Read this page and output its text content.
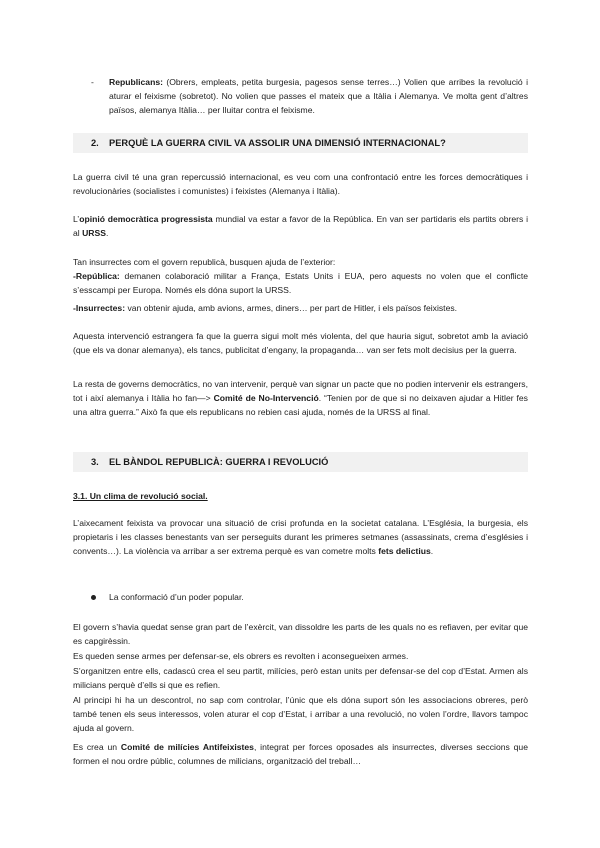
- Republicans: (Obrers, empleats, petita burgesia, pagesos sense terres…) Volien que arribes la revolució i aturar el feixisme (sobretot). No volien que passes el mateix que a Itàlia i Alemanya. Ve molta gent d’altres països, alemanya Itàlia… per lluitar contra el feixisme.

2. PERQUÈ LA GUERRA CIVIL VA ASSOLIR UNA DIMENSIÓ INTERNACIONAL?

La guerra civil té una gran repercussió internacional, es veu com una confrontació entre les forces democràtiques i revolucionàries (socialistes i comunistes) i feixistes (Alemanya i Itàlia).

L’opinió democràtica progressista mundial va estar a favor de la República. En van ser partidaris els partits obrers i al URSS.

Tan insurrectes com el govern republicà, busquen ajuda de l’exterior:

-República: demanen colaboració militar a França, Estats Units i EUA, pero aquests no volen que el conflicte s’esscampi per Europa. Només els dóna suport la URSS.

-Insurrectes: van obtenir ajuda, amb avions, armes, diners… per part de Hitler, i els països feixistes.

Aquesta intervenció estrangera fa que la guerra sigui molt més violenta, del que hauria sigut, sobretot amb la aviació (que els va donar alemanya), els tancs, publicitat d’engany, la propaganda… van ser fets molt decisius per la guerra.

La resta de governs democràtics, no van intervenir, perquè van signar un pacte que no podien intervenir els estrangers, tot i així alemanya i Itàlia ho fan—> Comité de No-Intervenció. “Tenien por de que si no deixaven ajudar a Hitler fes una altra guerra.” Això fa que els republicans no rebien casi ajuda, només de la URSS al final.

3. EL BÀNDOL REPUBLICÀ: GUERRA I REVOLUCIÓ
3.1. Un clima de revolució social.

L’aixecament feixista va provocar una situació de crisi profunda en la societat catalana. L’Església, la burgesia, els propietaris i les classes benestants van ser perseguits durant les primeres setmanes (assassinats, crema d’esglésies i convents…). La violència va arribar a ser extrema perquè es van cometre molts fets delictius.

La conformació d’un poder popular.

El govern s’havia quedat sense gran part de l’exèrcit, van dissoldre les parts de les quals no es refiaven, per evitar que es capgirèssin.

Es queden sense armes per defensar-se, els obrers es revolten i aconsegueixen armes.

S’organitzen entre ells, cadascú crea el seu partit, milícies, però estan units per defensar-se del cop d’Estat. Armen als milicians perquè d’ells si que es refien.

Al principi hi ha un descontrol, no sap com controlar, l’únic que els dóna suport són les associacions obreres, però també tenen els seus interessos, volen aturar el cop d’Estat, i arribar a una revolució, no volen l’ordre, llavors tampoc ajuda al govern.

Es crea un Comité de milícies Antifeixistes, integrat per forces oposades als insurrectes, diverses seccions que formen el nou ordre públic, columnes de milicians, organització del treball…
